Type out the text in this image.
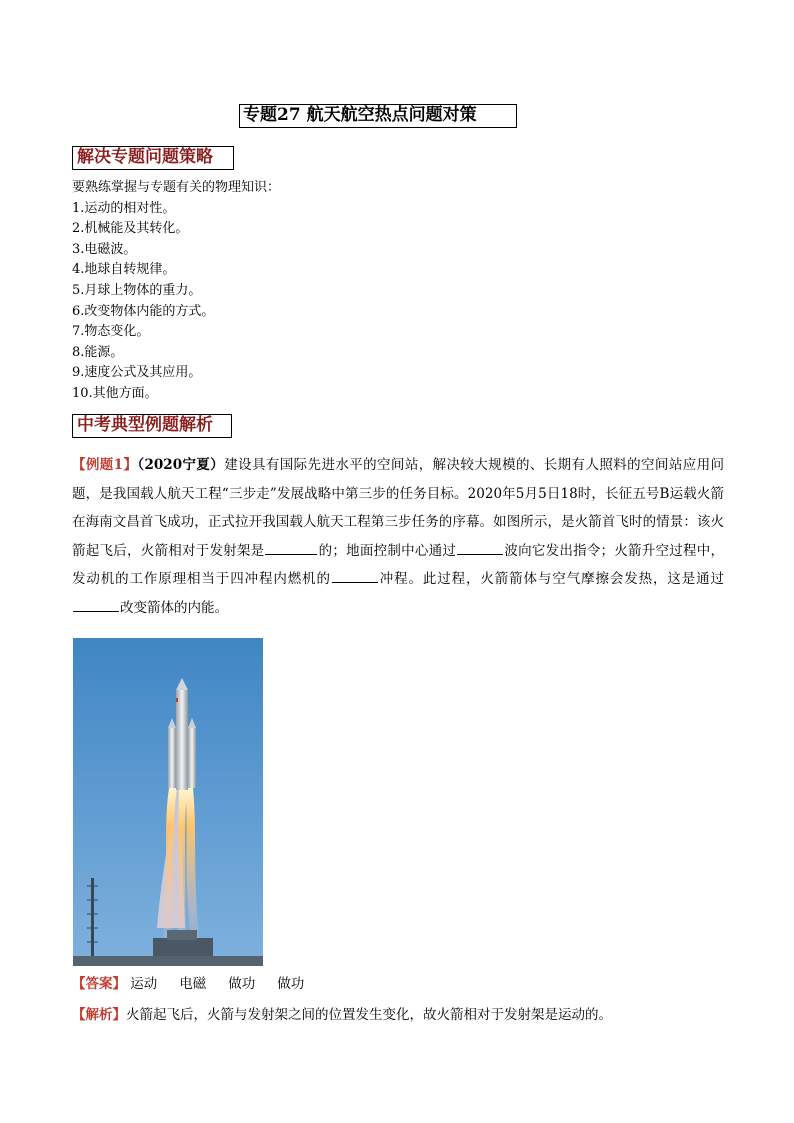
专题27 航天航空热点问题对策
解决专题问题策略
要熟练掌握与专题有关的物理知识：
1.运动的相对性。
2.机械能及其转化。
3.电磁波。
4.地球自转规律。
5.月球上物体的重力。
6.改变物体内能的方式。
7.物态变化。
8.能源。
9.速度公式及其应用。
10.其他方面。
中考典型例题解析
【例题1】（2020宁夏）建设具有国际先进水平的空间站，解决较大规模的、长期有人照料的空间站应用问题，是我国载人航天工程“三步走”发展战略中第三步的任务目标。2020年5月5日18时，长征五号B运载火箭在海南文昌首飞成功，正式拉开我国载人航天工程第三步任务的序幕。如图所示，是火箭首飞时的情景：该火箭起飞后，火箭相对于发射架是	的；地面控制中心通过	波向它发出指令；火箭升空过程中，发动机的工作原理相当于四冲程内燃机的	冲程。此过程，火箭箭体与空气摩擦会发热，这是通过改变箭体的内能。
【答案】 运动 电磁 做功 做功
【解析】火箭起飞后，火箭与发射架之间的位置发生变化，故火箭相对于发射架是运动的。
